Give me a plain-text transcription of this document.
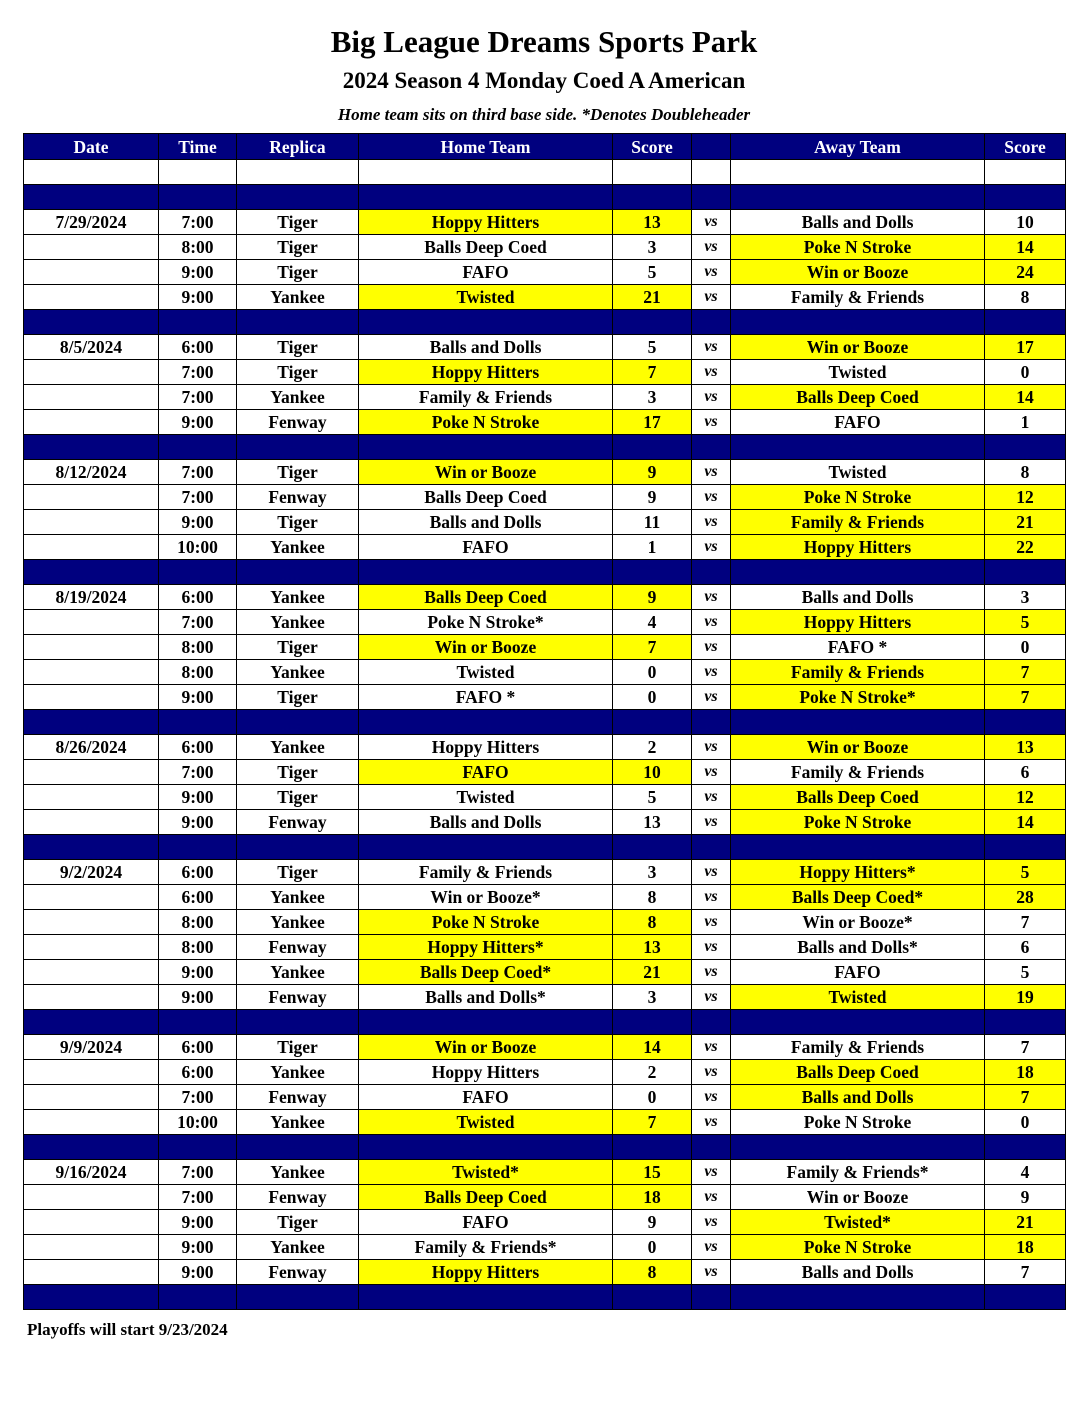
Big League Dreams Sports Park
2024 Season 4 Monday Coed A American
Home team sits on third base side. *Denotes Doubleheader
Date	Time	Replica	Home Team	Score		Away Team	Score

7/29/2024	7:00	Tiger	Hoppy Hitters	13	vs	Balls and Dolls	10
	8:00	Tiger	Balls Deep Coed	3	vs	Poke N Stroke	14
	9:00	Tiger	FAFO	5	vs	Win or Booze	24
	9:00	Yankee	Twisted	21	vs	Family & Friends	8

8/5/2024	6:00	Tiger	Balls and Dolls	5	vs	Win or Booze	17
	7:00	Tiger	Hoppy Hitters	7	vs	Twisted	0
	7:00	Yankee	Family & Friends	3	vs	Balls Deep Coed	14
	9:00	Fenway	Poke N Stroke	17	vs	FAFO	1

8/12/2024	7:00	Tiger	Win or Booze	9	vs	Twisted	8
	7:00	Fenway	Balls Deep Coed	9	vs	Poke N Stroke	12
	9:00	Tiger	Balls and Dolls	11	vs	Family & Friends	21
	10:00	Yankee	FAFO	1	vs	Hoppy Hitters	22

8/19/2024	6:00	Yankee	Balls Deep Coed	9	vs	Balls and Dolls	3
	7:00	Yankee	Poke N Stroke*	4	vs	Hoppy Hitters	5
	8:00	Tiger	Win or Booze	7	vs	FAFO *	0
	8:00	Yankee	Twisted	0	vs	Family & Friends	7
	9:00	Tiger	FAFO *	0	vs	Poke N Stroke*	7

8/26/2024	6:00	Yankee	Hoppy Hitters	2	vs	Win or Booze	13
	7:00	Tiger	FAFO	10	vs	Family & Friends	6
	9:00	Tiger	Twisted	5	vs	Balls Deep Coed	12
	9:00	Fenway	Balls and Dolls	13	vs	Poke N Stroke	14

9/2/2024	6:00	Tiger	Family & Friends	3	vs	Hoppy Hitters*	5
	6:00	Yankee	Win or Booze*	8	vs	Balls Deep Coed*	28
	8:00	Yankee	Poke N Stroke	8	vs	Win or Booze*	7
	8:00	Fenway	Hoppy Hitters*	13	vs	Balls and Dolls*	6
	9:00	Yankee	Balls Deep Coed*	21	vs	FAFO	5
	9:00	Fenway	Balls and Dolls*	3	vs	Twisted	19

9/9/2024	6:00	Tiger	Win or Booze	14	vs	Family & Friends	7
	6:00	Yankee	Hoppy Hitters	2	vs	Balls Deep Coed	18
	7:00	Fenway	FAFO	0	vs	Balls and Dolls	7
	10:00	Yankee	Twisted	7	vs	Poke N Stroke	0

9/16/2024	7:00	Yankee	Twisted*	15	vs	Family & Friends*	4
	7:00	Fenway	Balls Deep Coed	18	vs	Win or Booze	9
	9:00	Tiger	FAFO	9	vs	Twisted*	21
	9:00	Yankee	Family & Friends*	0	vs	Poke N Stroke	18
	9:00	Fenway	Hoppy Hitters	8	vs	Balls and Dolls	7

Playoffs will start 9/23/2024
